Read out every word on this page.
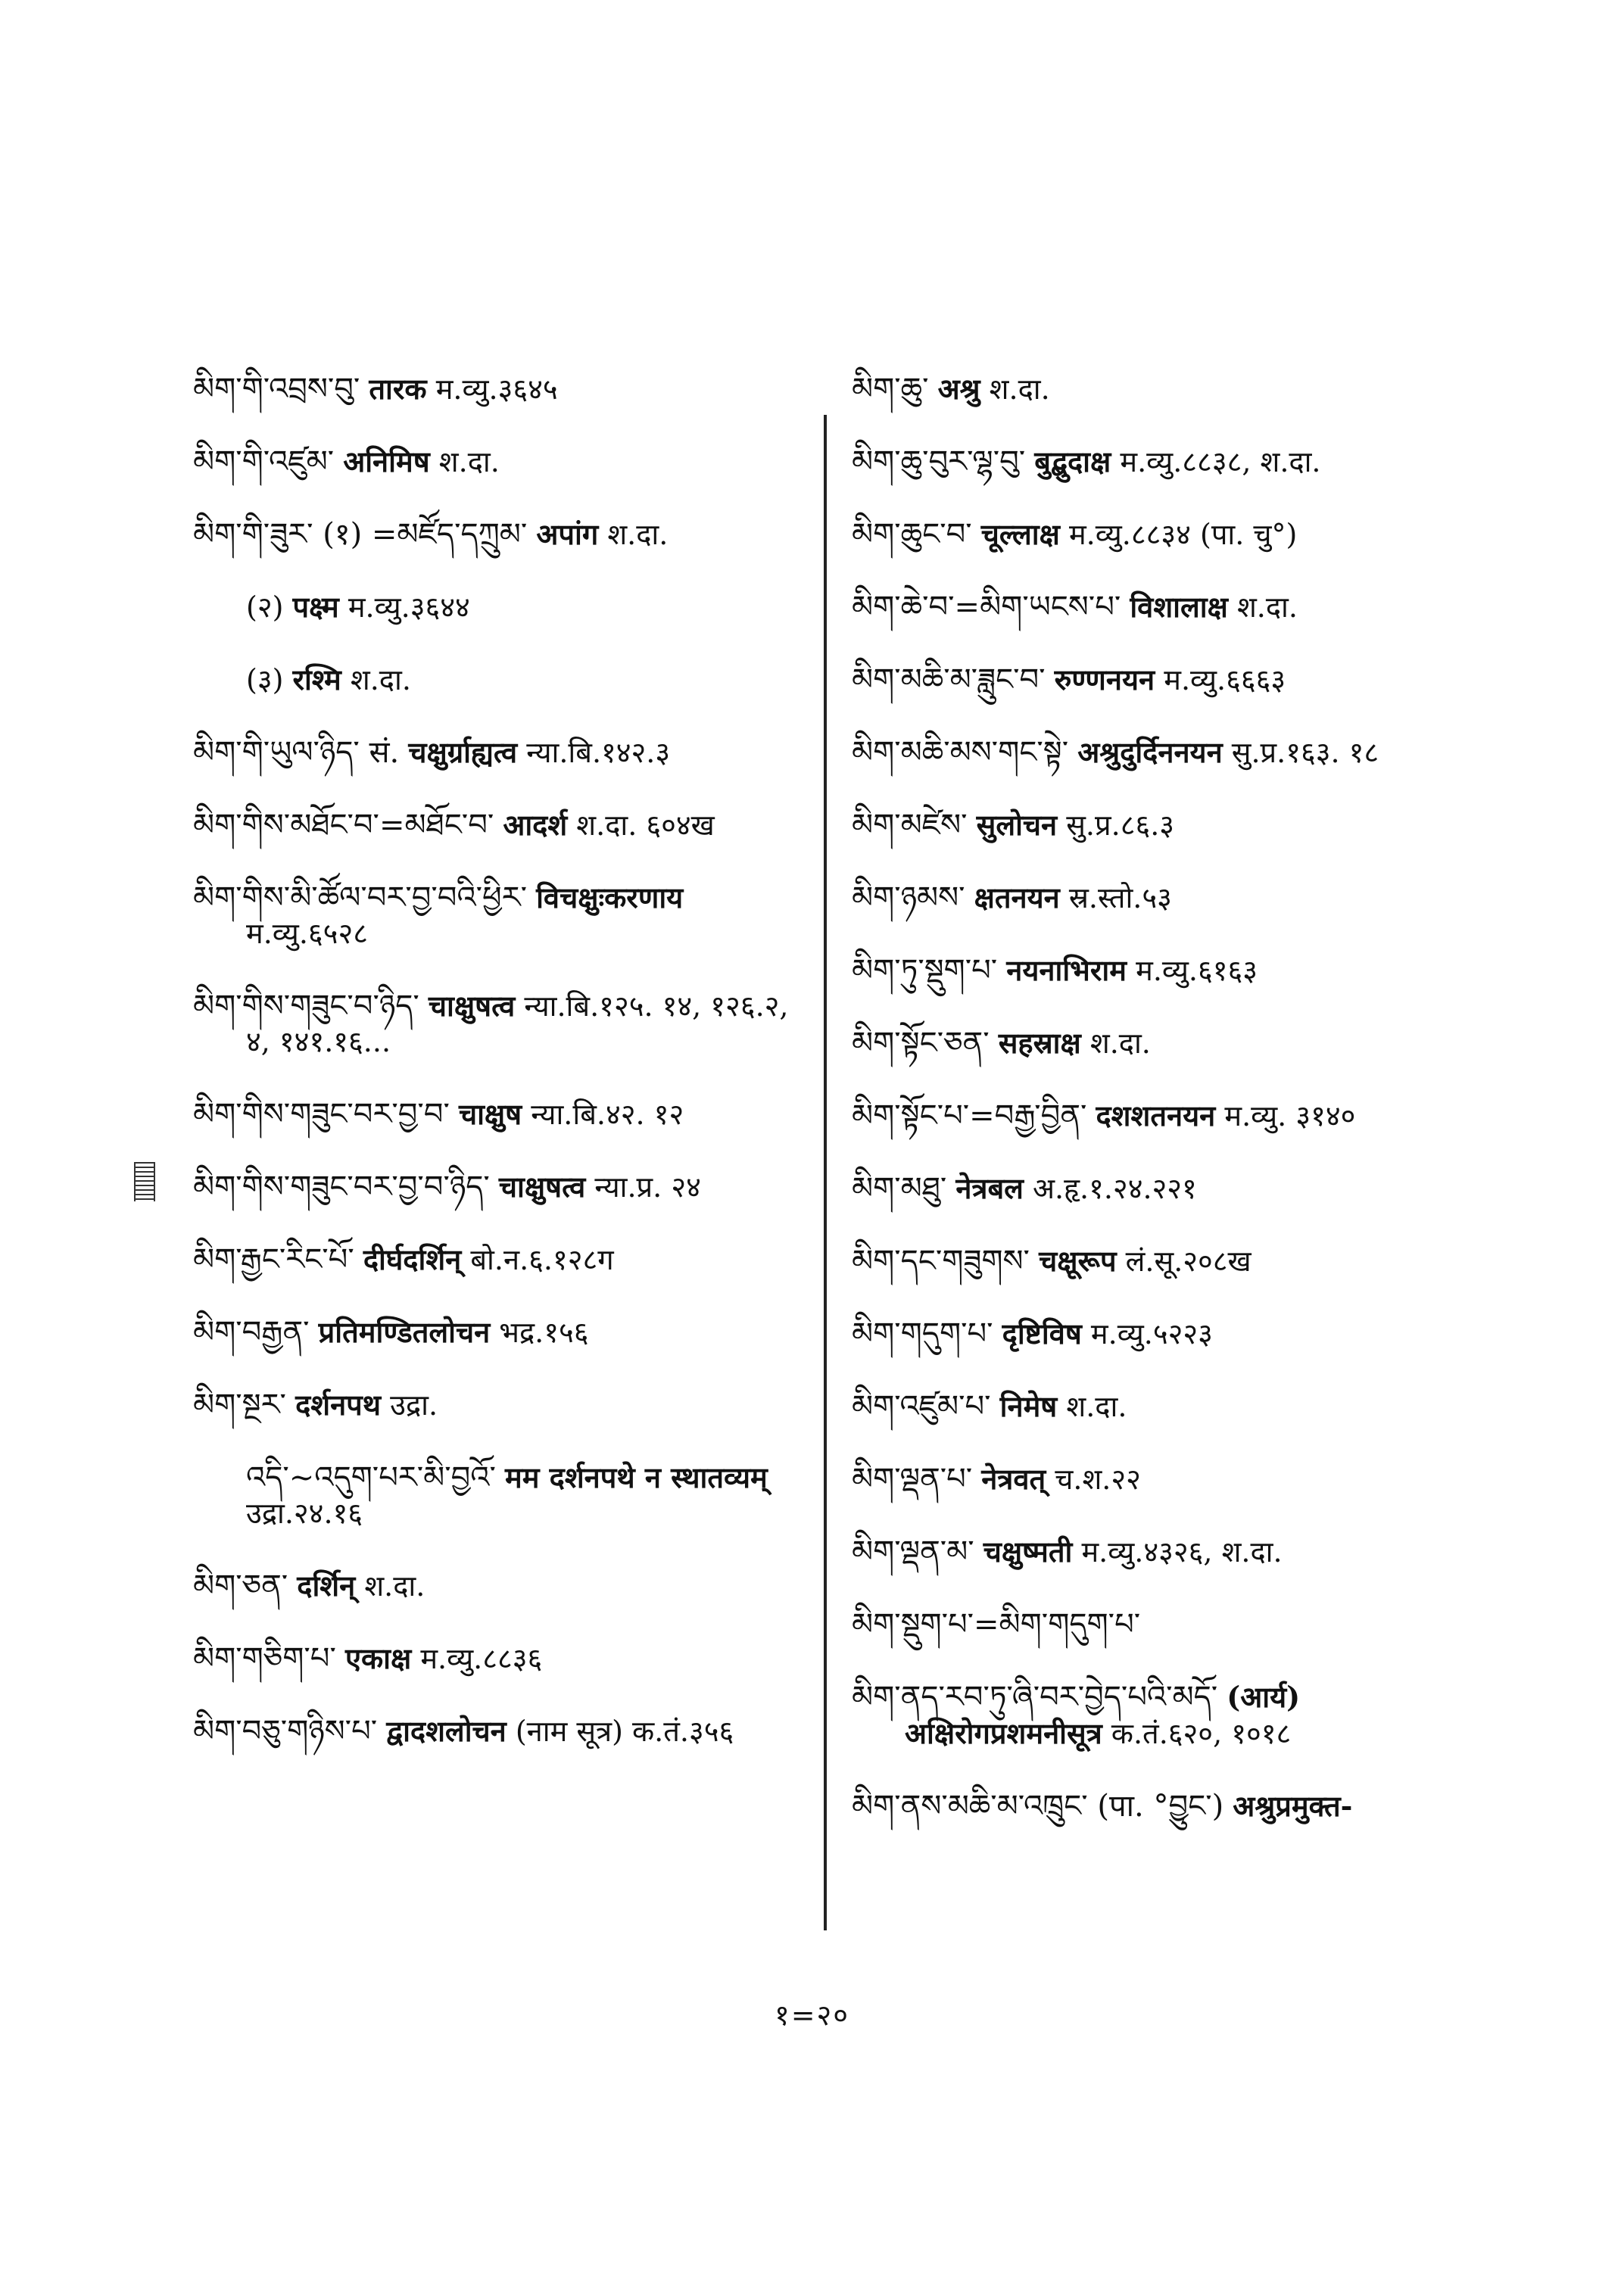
མིག་གི་འབྲས་བུ་ तारक म.व्यु.३६४५
མིག་གི་འཛུམ་ अनिमिष श.दा.
མིག་གི་ཟུར་ (१) =མཛོད་དཀྲུམ་ अपांग श.दा.
(२) पक्ष्म म.व्यु.३६४४
(३) रश्मि श.दा.
མིག་གི་ཡུལ་ཉིད་ सं. चक्षुर्ग्राह्यत्व न्या.बि.१४२.३
མིག་གིས་མཐོང་བ་=མཐོང་བ་ आदर्श श.दा. ६०४ख
མིག་གིས་མི་ཚོལ་བར་བྱ་བའི་ཕྱིར་ विचक्षुःकरणाय म.व्यु.६५२८
མིག་གིས་གཟུང་བ་ཉིད་ चाक्षुषत्व न्या.बि.१२५. १४, १२६.२, ४, १४१.१६...
མིག་གིས་གཟུང་བར་བྱ་བ་ चाक्षुष न्या.बि.४२. १२
མིག་གིས་གཟུང་བར་བྱ་བ་ཉིད་ चाक्षुषत्व न्या.प्र. २४
མིག་རྒྱང་རིང་པོ་ दीर्घदर्शिन् बो.न.६.१२८ग
མིག་བརྒྱན་ प्रतिमण्डितलोचन भद्र.१५६
མིག་སྔར་ दर्शनपथ उद्रा.
འདི་~འདུག་པར་མི་བྱའོ་ मम दर्शनपथे न स्थातव्यम् उद्रा.२४.१६
མིག་ཅན་ दर्शिन् श.दा.
མིག་གཅིག་པ་ एकाक्ष म.व्यु.८८३६
མིག་བཅུ་གཉིས་པ་ द्वादशलोचन (नाम सूत्र) क.तं.३५६
མིག་ཆུ་ अश्रु श.दा.
མིག་ཆུ་བུར་ལྷ་བུ་ बुद्बुदाक्ष म.व्यु.८८३८, श.दा.
མིག་ཆུང་བ་ चूल्लाक्ष म.व्यु.८८३४ (पा. चु°)
མིག་ཆེ་བ་=མིག་ཡངས་པ་ विशालाक्ष श.दा.
མིག་མཆི་མ་ཟླུང་བ་ रुण्णनयन म.व्यु.६६६३
མིག་མཆི་མས་གང་སྟེ་ अश्रुदुर्दिननयन सु.प्र.१६३. १८
མིག་མཛེས་ सुलोचन सु.प्र.८६.३
མིག་ཉམས་ क्षतनयन स्र.स्तो.५३
མིག་ཏུ་སྡུག་པ་ नयनाभिराम म.व्यु.६१६३
མིག་སྟོང་ཅན་ सहस्राक्ष श.दा.
མིག་སྟོང་པ་=བརྒྱ་བྱིན་ दशशतनयन म.व्यु. ३१४०
མིག་མཐུ་ नेत्रबल अ.हृ.१.२४.२२१
མིག་དང་གཟུགས་ चक्षूरूप लं.सू.२०८ख
མིག་གདུག་པ་ दृष्टिविष म.व्यु.५२२३
མིག་འཛུམ་པ་ निमेष श.दा.
མིག་ལྡན་པ་ नेत्रवत् च.श.२२
མིག་ལྡན་མ་ चक्षुष्मती म.व्यु.४३२६, श.दा.
མིག་སྡུག་པ་=མིག་གདུག་པ་
མིག་ནད་རབ་ཏུ་ཞི་བར་བྱེད་པའི་མདོ་ (आर्य) अक्षिरोगप्रशमनीसूत्र क.तं.६२०, १०१८
མིག་ནས་མཆི་མ་འཁྲུང་ (पा. °བྱུང་) अश्रुप्रमुक्त-
१=२०
